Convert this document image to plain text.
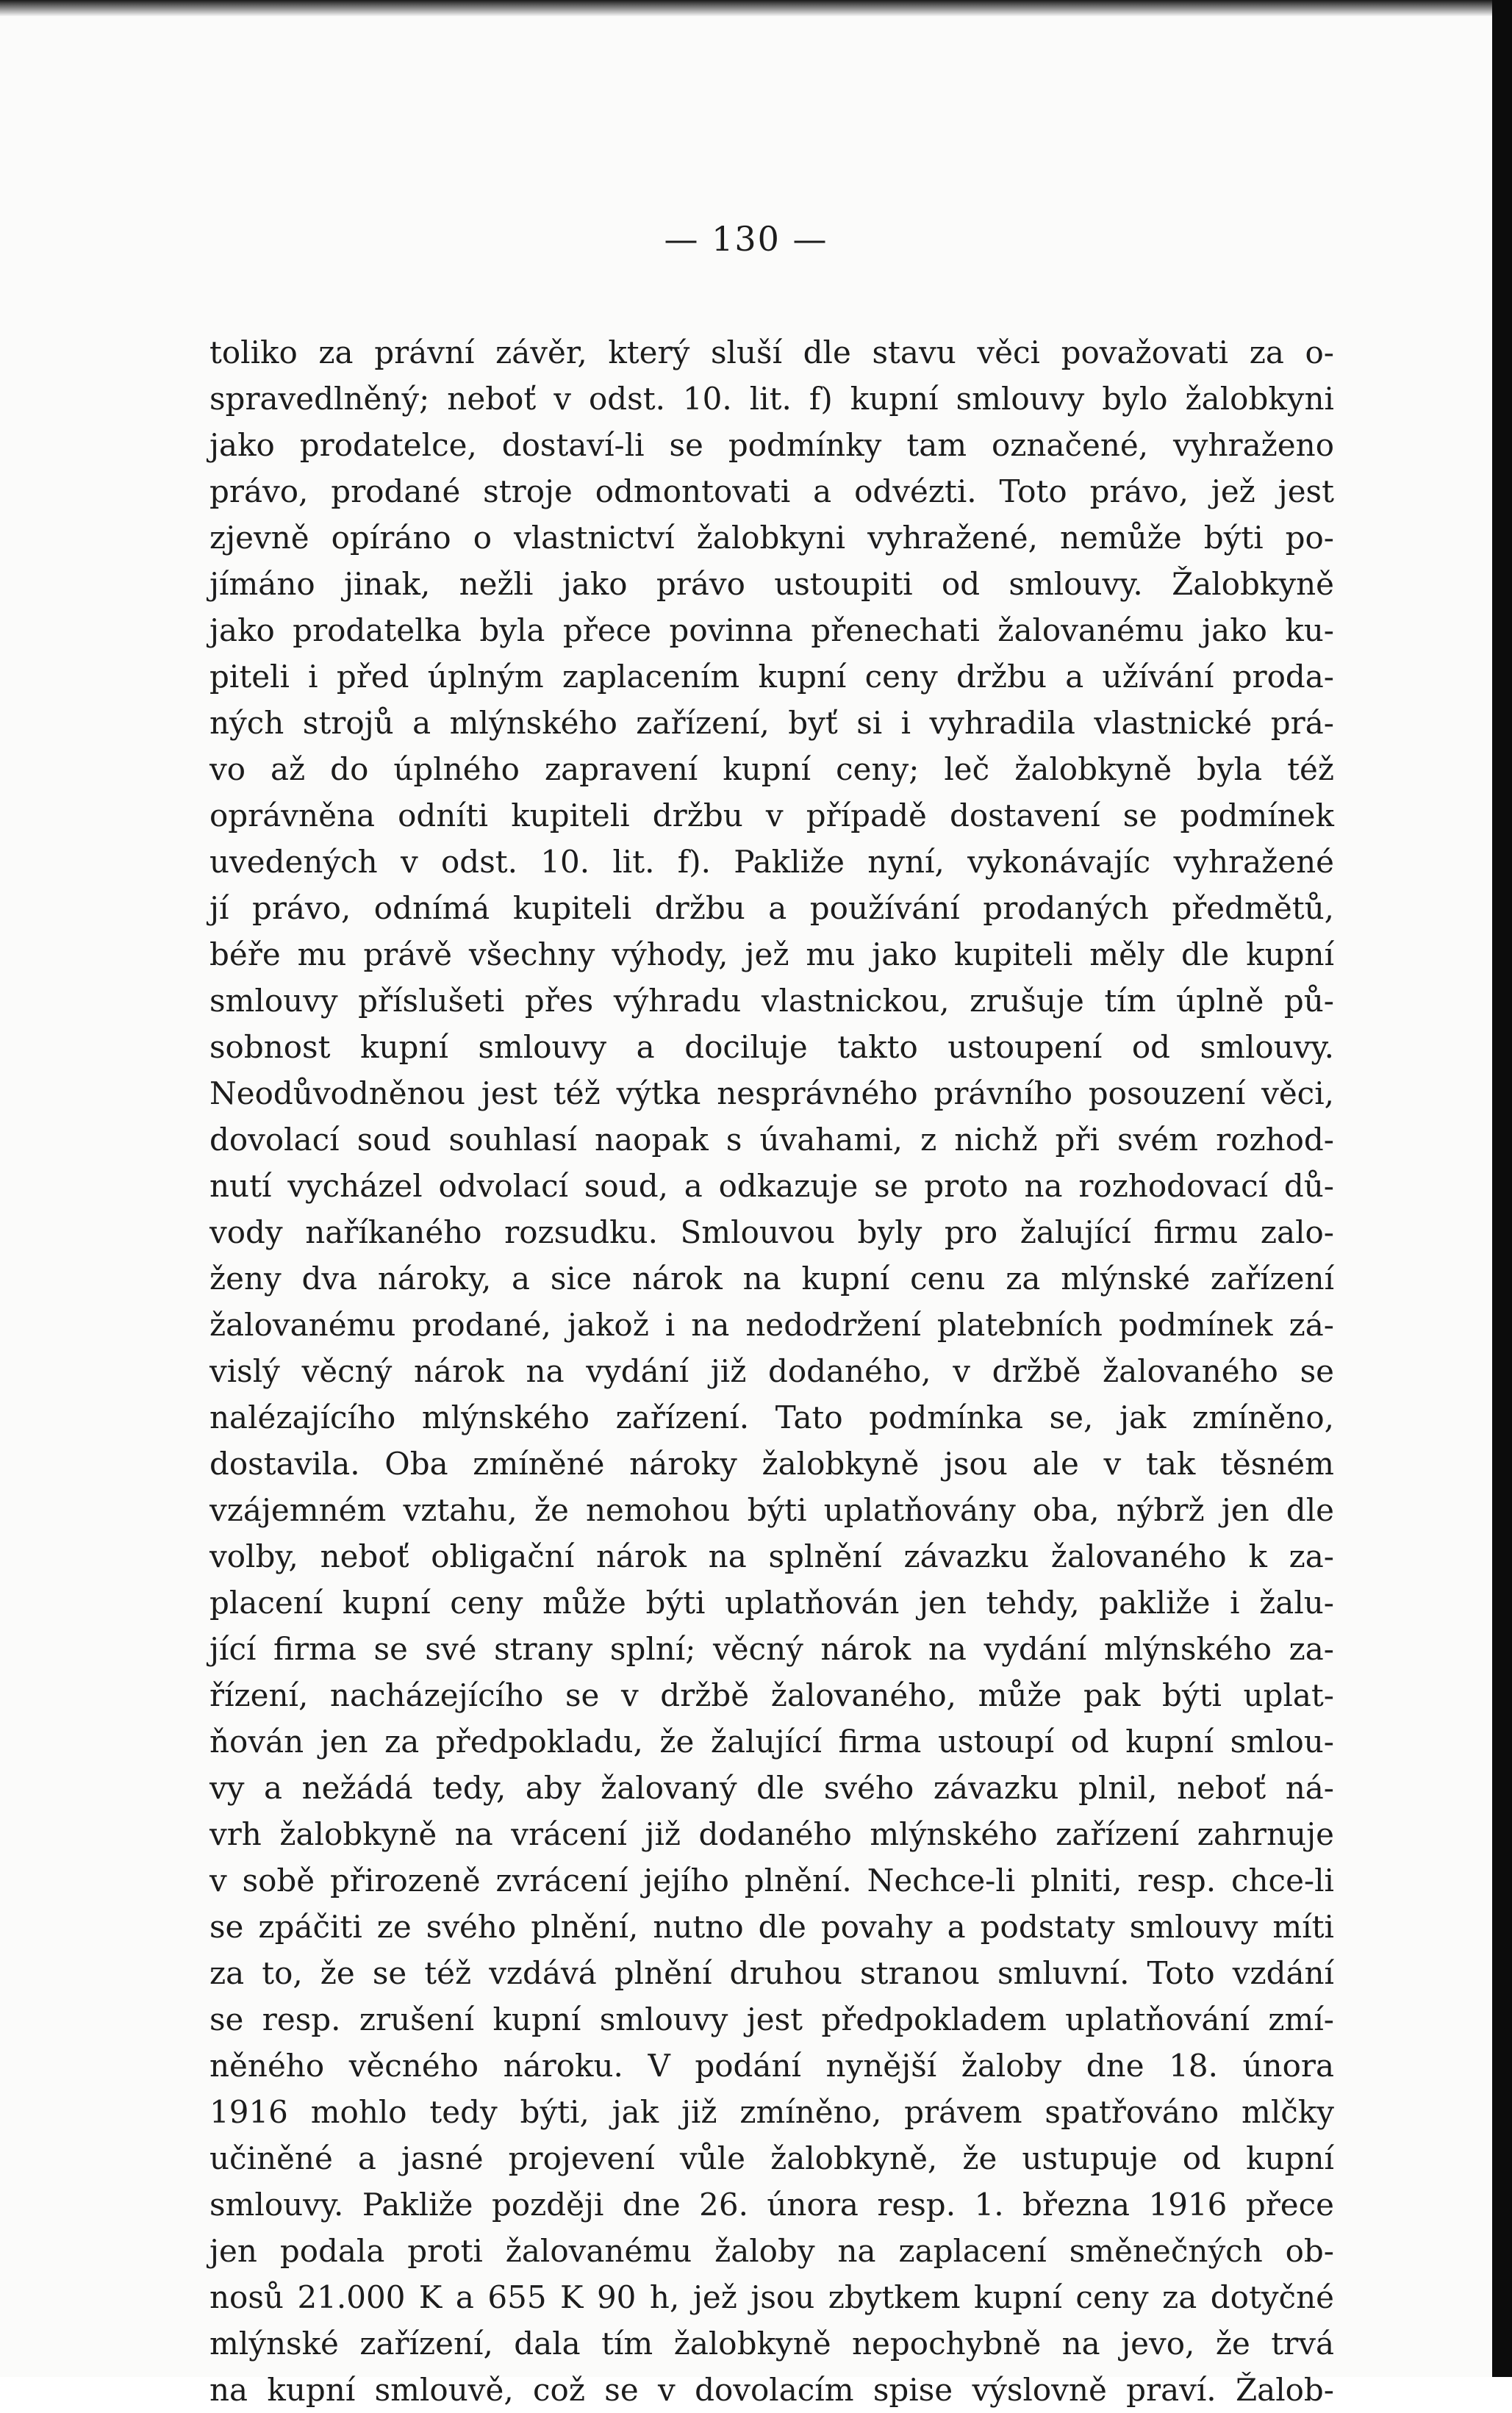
— 130 —
toliko za právní závěr, který sluší dle stavu věci považovati za o-
spravedlněný; neboť v odst. 10. lit. f) kupní smlouvy bylo žalobkyni
jako prodatelce, dostaví-li se podmínky tam označené, vyhraženo
právo, prodané stroje odmontovati a odvézti. Toto právo, jež jest
zjevně opíráno o vlastnictví žalobkyni vyhražené, nemůže býti po-
jímáno jinak, nežli jako právo ustoupiti od smlouvy. Žalobkyně
jako prodatelka byla přece povinna přenechati žalovanému jako ku-
piteli i před úplným zaplacením kupní ceny držbu a užívání proda-
ných strojů a mlýnského zařízení, byť si i vyhradila vlastnické prá-
vo až do úplného zapravení kupní ceny; leč žalobkyně byla též
oprávněna odníti kupiteli držbu v případě dostavení se podmínek
uvedených v odst. 10. lit. f). Pakliže nyní, vykonávajíc vyhražené
jí právo, odnímá kupiteli držbu a používání prodaných předmětů,
béře mu právě všechny výhody, jež mu jako kupiteli měly dle kupní
smlouvy příslušeti přes výhradu vlastnickou, zrušuje tím úplně pů-
sobnost kupní smlouvy a dociluje takto ustoupení od smlouvy.
Neodůvodněnou jest též výtka nesprávného právního posouzení věci,
dovolací soud souhlasí naopak s úvahami, z nichž při svém rozhod-
nutí vycházel odvolací soud, a odkazuje se proto na rozhodovací dů-
vody naříkaného rozsudku. Smlouvou byly pro žalující firmu zalo-
ženy dva nároky, a sice nárok na kupní cenu za mlýnské zařízení
žalovanému prodané, jakož i na nedodržení platebních podmínek zá-
vislý věcný nárok na vydání již dodaného, v držbě žalovaného se
nalézajícího mlýnského zařízení. Tato podmínka se, jak zmíněno,
dostavila. Oba zmíněné nároky žalobkyně jsou ale v tak těsném
vzájemném vztahu, že nemohou býti uplatňovány oba, nýbrž jen dle
volby, neboť obligační nárok na splnění závazku žalovaného k za-
placení kupní ceny může býti uplatňován jen tehdy, pakliže i žalu-
jící firma se své strany splní; věcný nárok na vydání mlýnského za-
řízení, nacházejícího se v držbě žalovaného, může pak býti uplat-
ňován jen za předpokladu, že žalující firma ustoupí od kupní smlou-
vy a nežádá tedy, aby žalovaný dle svého závazku plnil, neboť ná-
vrh žalobkyně na vrácení již dodaného mlýnského zařízení zahrnuje
v sobě přirozeně zvrácení jejího plnění. Nechce-li plniti, resp. chce-li
se zpáčiti ze svého plnění, nutno dle povahy a podstaty smlouvy míti
za to, že se též vzdává plnění druhou stranou smluvní. Toto vzdání
se resp. zrušení kupní smlouvy jest předpokladem uplatňování zmí-
něného věcného nároku. V podání nynější žaloby dne 18. února
1916 mohlo tedy býti, jak již zmíněno, právem spatřováno mlčky
učiněné a jasné projevení vůle žalobkyně, že ustupuje od kupní
smlouvy. Pakliže později dne 26. února resp. 1. března 1916 přece
jen podala proti žalovanému žaloby na zaplacení směnečných ob-
nosů 21.000 K a 655 K 90 h, jež jsou zbytkem kupní ceny za dotyčné
mlýnské zařízení, dala tím žalobkyně nepochybně na jevo, že trvá
na kupní smlouvě, což se v dovolacím spise výslovně praví. Žalob-
